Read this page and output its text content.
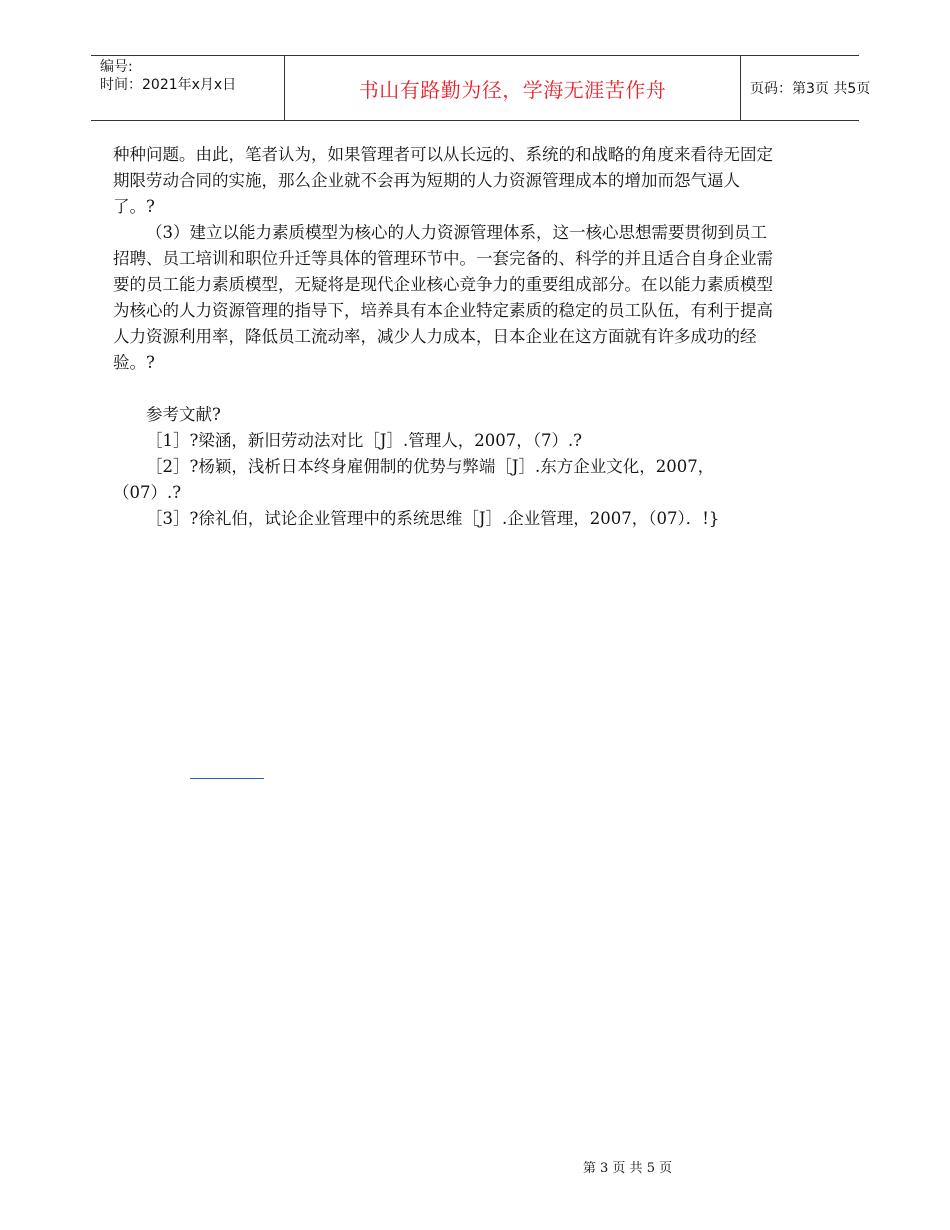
编号:
时间：2021年x月x日	书山有路勤为径，学海无涯苦作舟	页码：第3页 共5页

种种问题。由此，笔者认为，如果管理者可以从长远的、系统的和战略的角度来看待无固定期限劳动合同的实施，那么企业就不会再为短期的人力资源管理成本的增加而怨气逼人了。?

（3）建立以能力素质模型为核心的人力资源管理体系，这一核心思想需要贯彻到员工招聘、员工培训和职位升迁等具体的管理环节中。一套完备的、科学的并且适合自身企业需要的员工能力素质模型，无疑将是现代企业核心竞争力的重要组成部分。在以能力素质模型为核心的人力资源管理的指导下，培养具有本企业特定素质的稳定的员工队伍，有利于提高人力资源利用率，降低员工流动率，减少人力成本，日本企业在这方面就有许多成功的经验。?

参考文献?

［1］?梁涵，新旧劳动法对比［J］.管理人，2007，（7）.?

［2］?杨颖，浅析日本终身雇佣制的优势与弊端［J］.东方企业文化，2007，（07）.?

［3］?徐礼伯，试论企业管理中的系统思维［J］.企业管理，2007，（07）．!}

第 3 页 共 5 页
